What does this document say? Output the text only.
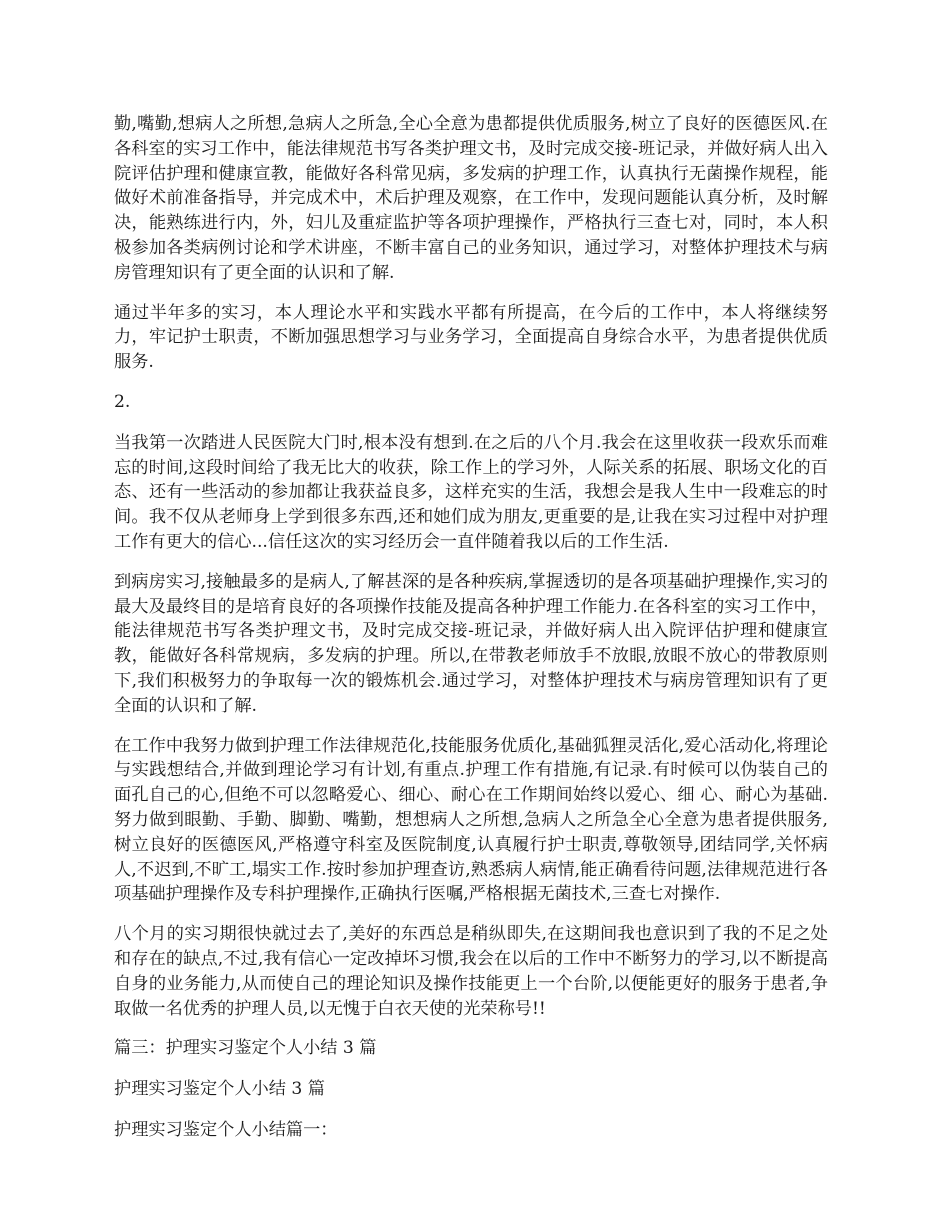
勤,嘴勤,想病人之所想,急病人之所急,全心全意为患都提供优质服务,树立了良好的医德医风.在各科室的实习工作中，能法律规范书写各类护理文书，及时完成交接-班记录，并做好病人出入院评估护理和健康宣教，能做好各科常见病，多发病的护理工作，认真执行无菌操作规程，能做好术前准备指导，并完成术中，术后护理及观察，在工作中，发现问题能认真分析，及时解决，能熟练进行内，外，妇儿及重症监护等各项护理操作，严格执行三查七对，同时，本人积极参加各类病例讨论和学术讲座，不断丰富自己的业务知识，通过学习，对整体护理技术与病房管理知识有了更全面的认识和了解.

通过半年多的实习，本人理论水平和实践水平都有所提高，在今后的工作中，本人将继续努 力，牢记护士职责，不断加强思想学习与业务学习，全面提高自身综合水平，为患者提供优质服务.

2.

当我第一次踏进人民医院大门时,根本没有想到.在之后的八个月.我会在这里收获一段欢乐而难忘的时间,这段时间给了我无比大的收获，除工作上的学习外，人际关系的拓展、职场文化的百态、还有一些活动的参加都让我获益良多，这样充实的生活，我想会是我人生中一段难忘的时间。我不仅从老师身上学到很多东西,还和她们成为朋友,更重要的是,让我在实习过程中对护理工作有更大的信心...信任这次的实习经历会一直伴随着我以后的工作生活.

到病房实习,接触最多的是病人,了解甚深的是各种疾病,掌握透切的是各项基础护理操作,实习的最大及最终目的是培育良好的各项操作技能及提高各种护理工作能力.在各科室的实习工作中，能法律规范书写各类护理文书，及时完成交接-班记录，并做好病人出入院评估护理和健康宣教，能做好各科常规病，多发病的护理。所以,在带教老师放手不放眼,放眼不放心的带教原则下,我们积极努力的争取每一次的锻炼机会.通过学习，对整体护理技术与病房管理知识有了更全面的认识和了解.

在工作中我努力做到护理工作法律规范化,技能服务优质化,基础狐狸灵活化,爱心活动化,将理论与实践想结合,并做到理论学习有计划,有重点.护理工作有措施,有记录.有时候可以伪装自己的面孔自己的心,但绝不可以忽略爱心、细心、耐心在工作期间始终以爱心、细 心、耐心为基础.努力做到眼勤、手勤、脚勤、嘴勤，想想病人之所想,急病人之所急全心全意为患者提供服务,树立良好的医德医风,严格遵守科室及医院制度,认真履行护士职责,尊敬领导,团结同学,关怀病人,不迟到,不旷工,塌实工作.按时参加护理查访,熟悉病人病情,能正确看待问题,法律规范进行各项基础护理操作及专科护理操作,正确执行医嘱,严格根据无菌技术,三查七对操作.

八个月的实习期很快就过去了,美好的东西总是稍纵即失,在这期间我也意识到了我的不足之处和存在的缺点,不过,我有信心一定改掉坏习惯,我会在以后的工作中不断努力的学习,以不断提高自身的业务能力,从而使自己的理论知识及操作技能更上一个台阶,以便能更好的服务于患者,争取做一名优秀的护理人员,以无愧于白衣天使的光荣称号!!

篇三：护理实习鉴定个人小结 3 篇

护理实习鉴定个人小结 3 篇

护理实习鉴定个人小结篇一：
